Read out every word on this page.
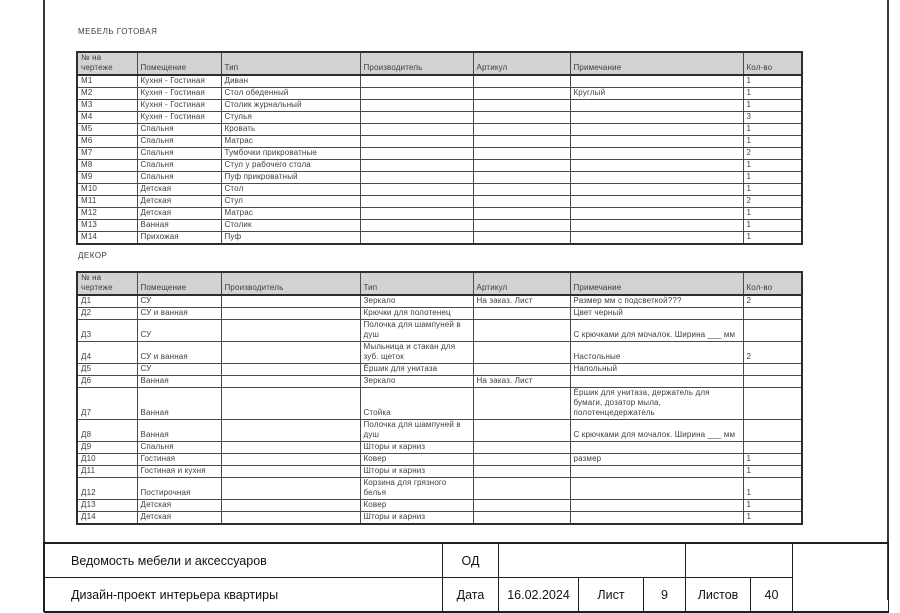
МЕБЕЛЬ ГОТОВАЯ
№ на чертеже	Помещение	Тип	Производитель	Артикул	Примечание	Кол-во
М1	Кухня - Гостиная	Диван				1
М2	Кухня - Гостиная	Стол обеденный			Круглый	1
М3	Кухня - Гостиная	Столик журнальный				1
М4	Кухня - Гостиная	Стулья				3
М5	Спальня	Кровать				1
М6	Спальня	Матрас				1
М7	Спальня	Тумбочки прикроватные				2
М8	Спальня	Стул у рабочего стола				1
М9	Спальня	Пуф прикроватный				1
М10	Детская	Стол				1
М11	Детская	Стул				2
М12	Детская	Матрас				1
М13	Ванная	Столик				1
М14	Прихожая	Пуф				1
ДЕКОР
№ на чертеже	Помещение	Производитель	Тип	Артикул	Примечание	Кол-во
Д1	СУ		Зеркало	На заказ. Лист	Размер мм с подсветкой???	2
Д2	СУ и ванная		Крючки для полотенец		Цвет черный	
Д3	СУ		Полочка для шампуней в душ		С крючками для мочалок. Ширина ___ мм	
Д4	СУ и ванная		Мыльница и стакан для зуб. щеток		Настольные	2
Д5	СУ		Ёршик для унитаза		Напольный	
Д6	Ванная		Зеркало	На заказ. Лист		
Д7	Ванная		Стойка		Ёршик для унитаза, держатель для бумаги, дозатор мыла, полотенцедержатель	
Д8	Ванная		Полочка для шампуней в душ		С крючками для мочалок. Ширина ___ мм	
Д9	Спальня		Шторы и карниз			
Д10	Гостиная		Ковер		размер	1
Д11	Гостиная и кухня		Шторы и карниз			1
Д12	Постирочная		Корзина для грязного белья			1
Д13	Детская		Ковер			1
Д14	Детская		Шторы и карниз			1
Ведомость мебели и аксессуаров	ОД
Дизайн-проект интерьера квартиры	Дата	16.02.2024	Лист	9	Листов	40
